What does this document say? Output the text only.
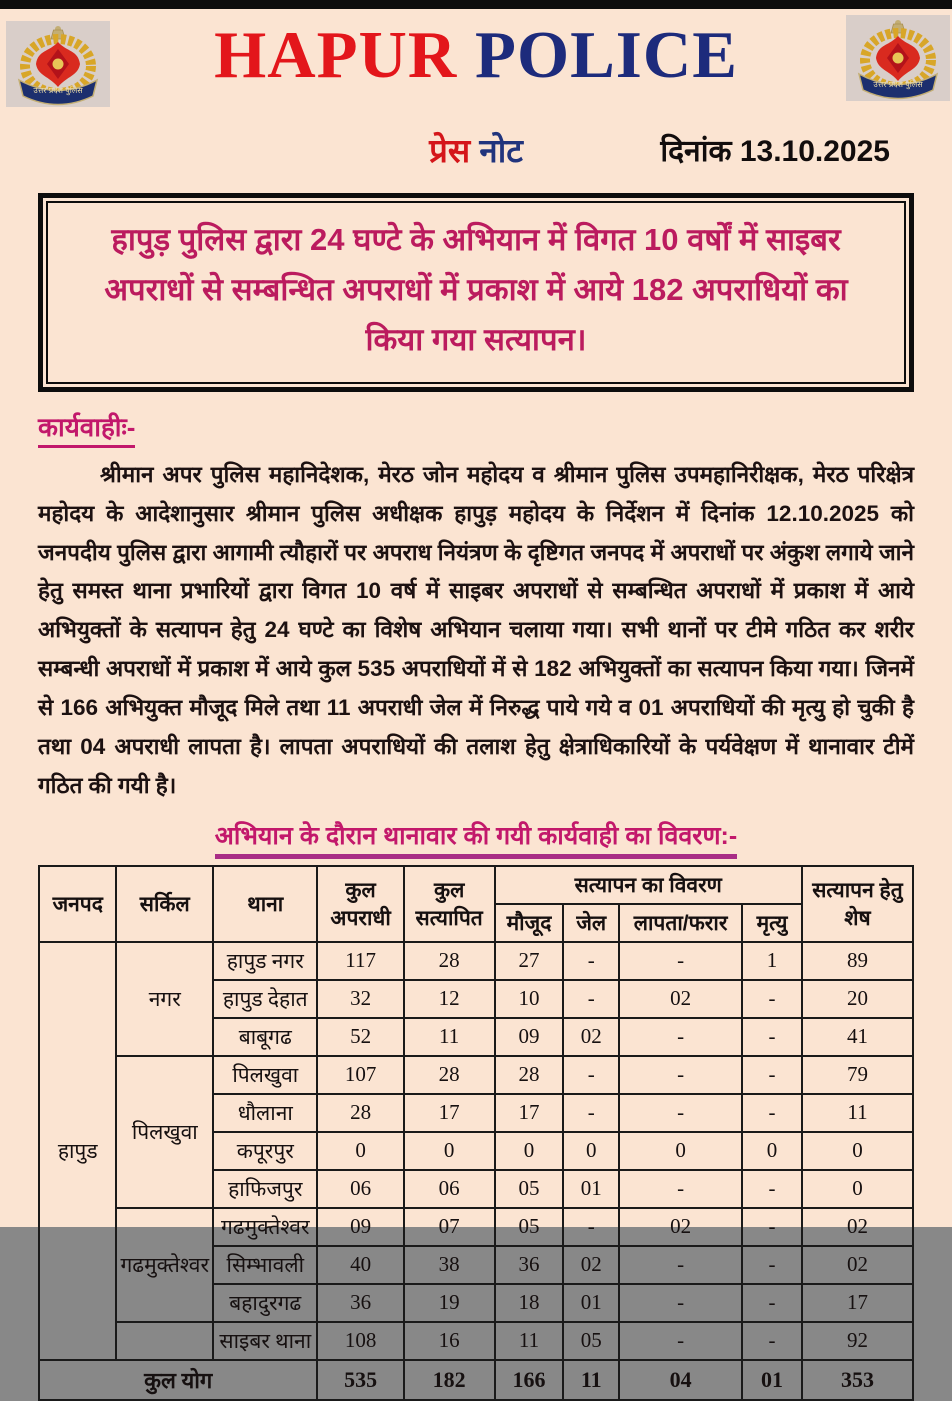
उत्तर प्रदेश पुलिस	HAPUR POLICE	उत्तर प्रदेश पुलिस
प्रेस नोट	दिनांक 13.10.2025
हापुड़ पुलिस द्वारा 24 घण्टे के अभियान में विगत 10 वर्षों में साइबर अपराधों से सम्बन्धित अपराधों में प्रकाश में आये 182 अपराधियों का किया गया सत्यापन।
कार्यवाहीः-

श्रीमान अपर पुलिस महानिदेशक, मेरठ जोन महोदय व श्रीमान पुलिस उपमहानिरीक्षक, मेरठ परिक्षेत्र महोदय के आदेशानुसार श्रीमान पुलिस अधीक्षक हापुड़ महोदय के निर्देशन में दिनांक 12.10.2025 को जनपदीय पुलिस द्वारा आगामी त्यौहारों पर अपराध नियंत्रण के दृष्टिगत जनपद में अपराधों पर अंकुश लगाये जाने हेतु समस्त थाना प्रभारियों द्वारा विगत 10 वर्ष में साइबर अपराधों से सम्बन्धित अपराधों में प्रकाश में आये अभियुक्तों के सत्यापन हेतु 24 घण्टे का विशेष अभियान चलाया गया। सभी थानों पर टीमे गठित कर शरीर सम्बन्धी अपराधों में प्रकाश में आये कुल 535 अपराधियों में से 182 अभियुक्तों का सत्यापन किया गया। जिनमें से 166 अभियुक्त मौजूद मिले तथा 11 अपराधी जेल में निरुद्ध पाये गये व 01 अपराधियों की मृत्यु हो चुकी है तथा 04 अपराधी लापता है। लापता अपराधियों की तलाश हेतु क्षेत्राधिकारियों के पर्यवेक्षण में थानावार टीमें गठित की गयी है।

अभियान के दौरान थानावार की गयी कार्यवाही का विवरण:-
जनपद	सर्किल	थाना	कुल अपराधी	कुल सत्यापित	सत्यापन का विवरण				सत्यापन हेतु शेष
					मौजूद	जेल	लापता/फरार	मृत्यु	
हापुड	नगर	हापुड नगर	117	28	27	-	-	1	89
		हापुड देहात	32	12	10	-	02	-	20
		बाबूगढ	52	11	09	02	-	-	41
	पिलखुवा	पिलखुवा	107	28	28	-	-	-	79
		धौलाना	28	17	17	-	-	-	11
		कपूरपुर	0	0	0	0	0	0	0
		हाफिजपुर	06	06	05	01	-	-	0
	गढमुक्तेश्वर	गढमुक्तेश्वर	09	07	05	-	02	-	02
		सिम्भावली	40	38	36	02	-	-	02
		बहादुरगढ	36	19	18	01	-	-	17
		साइबर थाना	108	16	11	05	-	-	92
कुल योग			535	182	166	11	04	01	353
